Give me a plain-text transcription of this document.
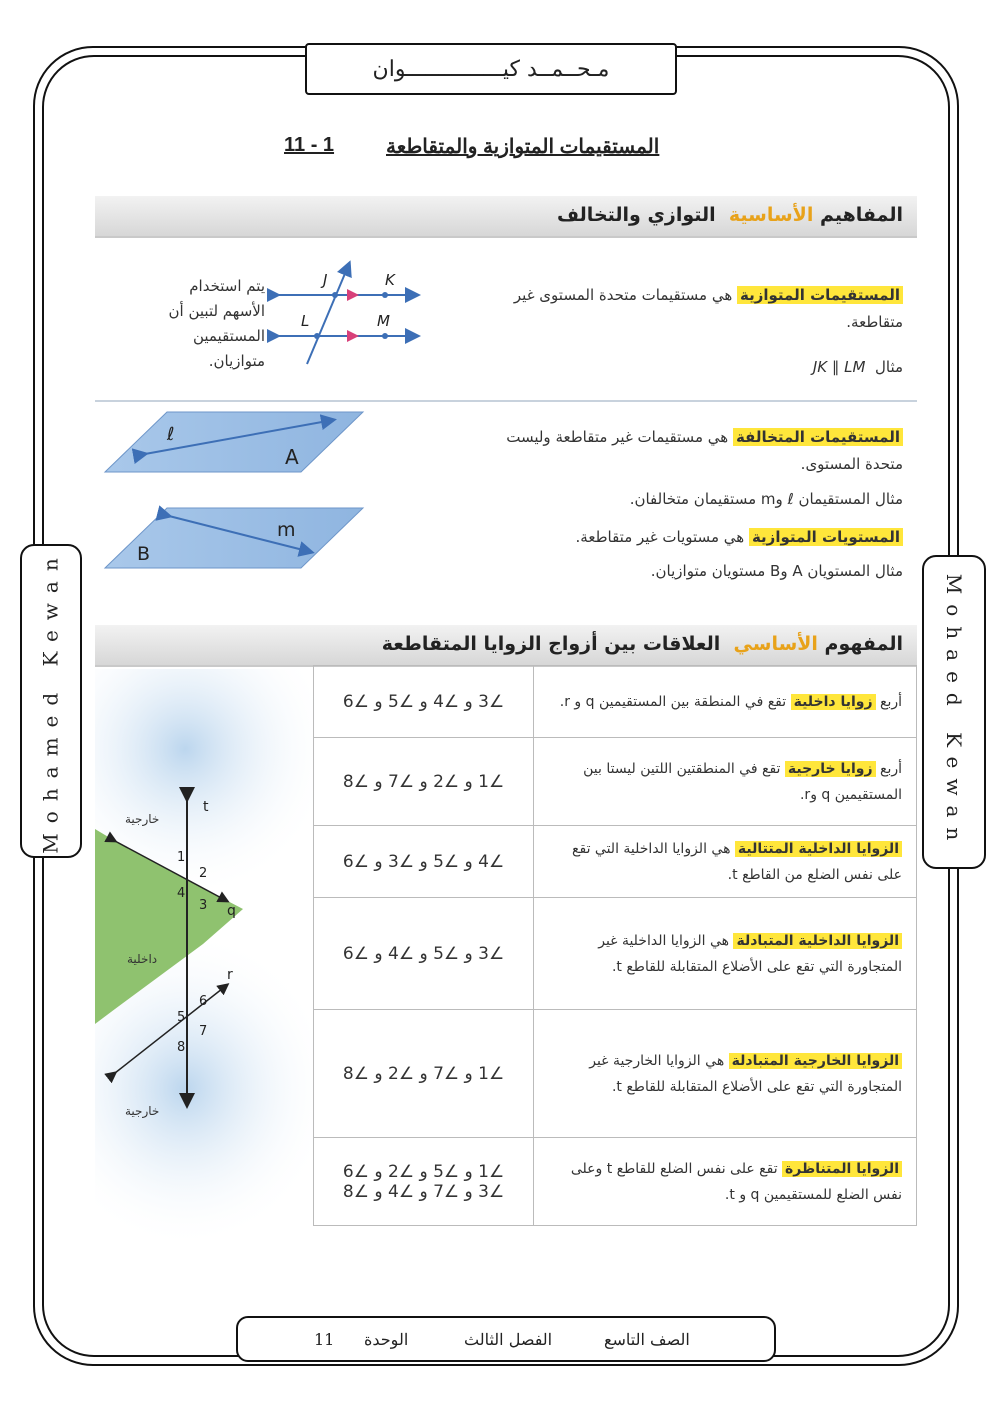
مـحــمــد كيـــــــــــــــوان
Mohamed Kewan	Mohaed Kewan
11 - 1	المستقيمات المتوازية والمتقاطعة
المفاهيم الأساسية  التوازي والتخالف
المستقيمات المتوازية هي مستقيمات متحدة المستوى غير متقاطعة.
مثال  JK ∥ LM
يتم استخدام الأسهم لتبين أن المستقيمين متوازيان.
J	K
L	M
المستقيمات المتخالفة هي مستقيمات غير متقاطعة وليست متحدة المستوى.
مثال المستقيمان ℓ وm مستقيمان متخالفان.
المستويات المتوازية هي مستويات غير متقاطعة.
مثال المستويان A وB مستويان متوازيان.
ℓ
A
m
B
المفهوم الأساسي  العلاقات بين أزواج الزوايا المتقاطعة
t
q
r
1
2
4
3
6
5
7
8
خارجية
داخلية
خارجية
∠3 و ∠4 و ∠5 و ∠6	أربع زوايا داخلية تقع في المنطقة بين المستقيمين q و r.

∠1 و ∠2 و ∠7 و ∠8	أربع زوايا خارجية تقع في المنطقتين اللتين ليستا بين المستقيمين q وr.

∠4 و ∠5 و ∠3 و ∠6	الزوايا الداخلية المتتالية هي الزوايا الداخلية التي تقع على نفس الضلع من القاطع t.

∠3 و ∠5 و ∠4 و ∠6	الزوايا الداخلية المتبادلة هي الزوايا الداخلية غير المتجاورة التي تقع على الأضلاع المتقابلة للقاطع t.

∠1 و ∠7 و ∠2 و ∠8	الزوايا الخارجية المتبادلة هي الزوايا الخارجية غير المتجاورة التي تقع على الأضلاع المتقابلة للقاطع t.

∠1 و ∠5 و ∠2 و ∠6
∠3 و ∠7 و ∠4 و ∠8	الزوايا المتناظرة تقع على نفس الضلع للقاطع t وعلى نفس الضلع للمستقيمين q و t.
11 الوحدة	الفصل الثالث	الصف التاسع
